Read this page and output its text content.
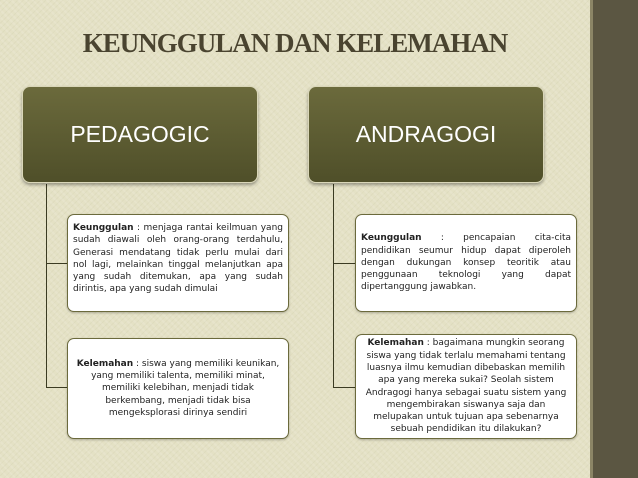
KEUNGGULAN DAN KELEMAHAN
PEDAGOGIC	ANDRAGOGI
Keunggulan : menjaga rantai keilmuan yang sudah diawali oleh orang-orang terdahulu, Generasi mendatang tidak perlu mulai dari nol lagi, melainkan tinggal melanjutkan apa yang sudah ditemukan, apa yang sudah dirintis, apa yang sudah dimulai
Kelemahan : siswa yang memiliki keunikan, yang memiliki talenta, memiliki minat, memiliki kelebihan, menjadi tidak berkembang, menjadi tidak bisa mengeksplorasi dirinya sendiri
Keunggulan : pencapaian cita-cita pendidikan seumur hidup dapat diperoleh dengan dukungan konsep teoritik atau penggunaan teknologi yang dapat dipertanggung jawabkan.
Kelemahan : bagaimana mungkin seorang siswa yang tidak terlalu memahami tentang luasnya ilmu kemudian dibebaskan memilih apa yang mereka sukai? Seolah sistem Andragogi hanya sebagai suatu sistem yang mengembirakan siswanya saja dan melupakan untuk tujuan apa sebenarnya sebuah pendidikan itu dilakukan?
